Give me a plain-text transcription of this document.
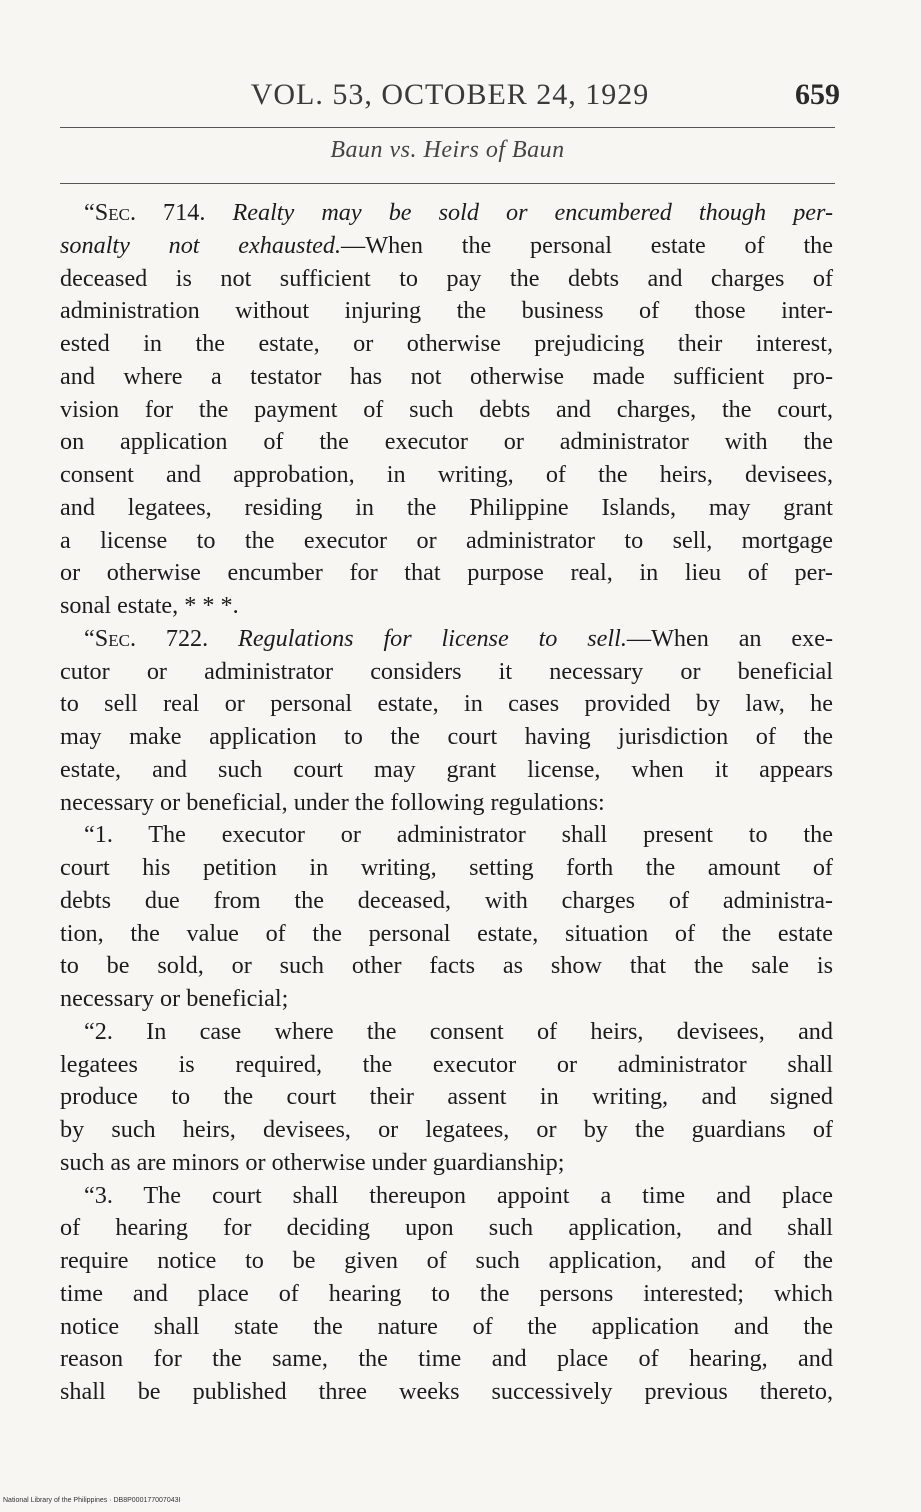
VOL. 53, OCTOBER 24, 1929	659
Baun vs. Heirs of Baun
“Sec. 714. Realty may be sold or encumbered though per-
sonalty not exhausted.—When the personal estate of the
deceased is not sufficient to pay the debts and charges of
administration without injuring the business of those inter-
ested in the estate, or otherwise prejudicing their interest,
and where a testator has not otherwise made sufficient pro-
vision for the payment of such debts and charges, the court,
on application of the executor or administrator with the
consent and approbation, in writing, of the heirs, devisees,
and legatees, residing in the Philippine Islands, may grant
a license to the executor or administrator to sell, mortgage
or otherwise encumber for that purpose real, in lieu of per-
sonal estate, * * *.
“Sec. 722. Regulations for license to sell.—When an exe-
cutor or administrator considers it necessary or beneficial
to sell real or personal estate, in cases provided by law, he
may make application to the court having jurisdiction of the
estate, and such court may grant license, when it appears
necessary or beneficial, under the following regulations:
“1. The executor or administrator shall present to the
court his petition in writing, setting forth the amount of
debts due from the deceased, with charges of administra-
tion, the value of the personal estate, situation of the estate
to be sold, or such other facts as show that the sale is
necessary or beneficial;
“2. In case where the consent of heirs, devisees, and
legatees is required, the executor or administrator shall
produce to the court their assent in writing, and signed
by such heirs, devisees, or legatees, or by the guardians of
such as are minors or otherwise under guardianship;
“3. The court shall thereupon appoint a time and place
of hearing for deciding upon such application, and shall
require notice to be given of such application, and of the
time and place of hearing to the persons interested; which
notice shall state the nature of the application and the
reason for the same, the time and place of hearing, and
shall be published three weeks successively previous thereto,
National Library of the Philippines · DB8P000177007043I
